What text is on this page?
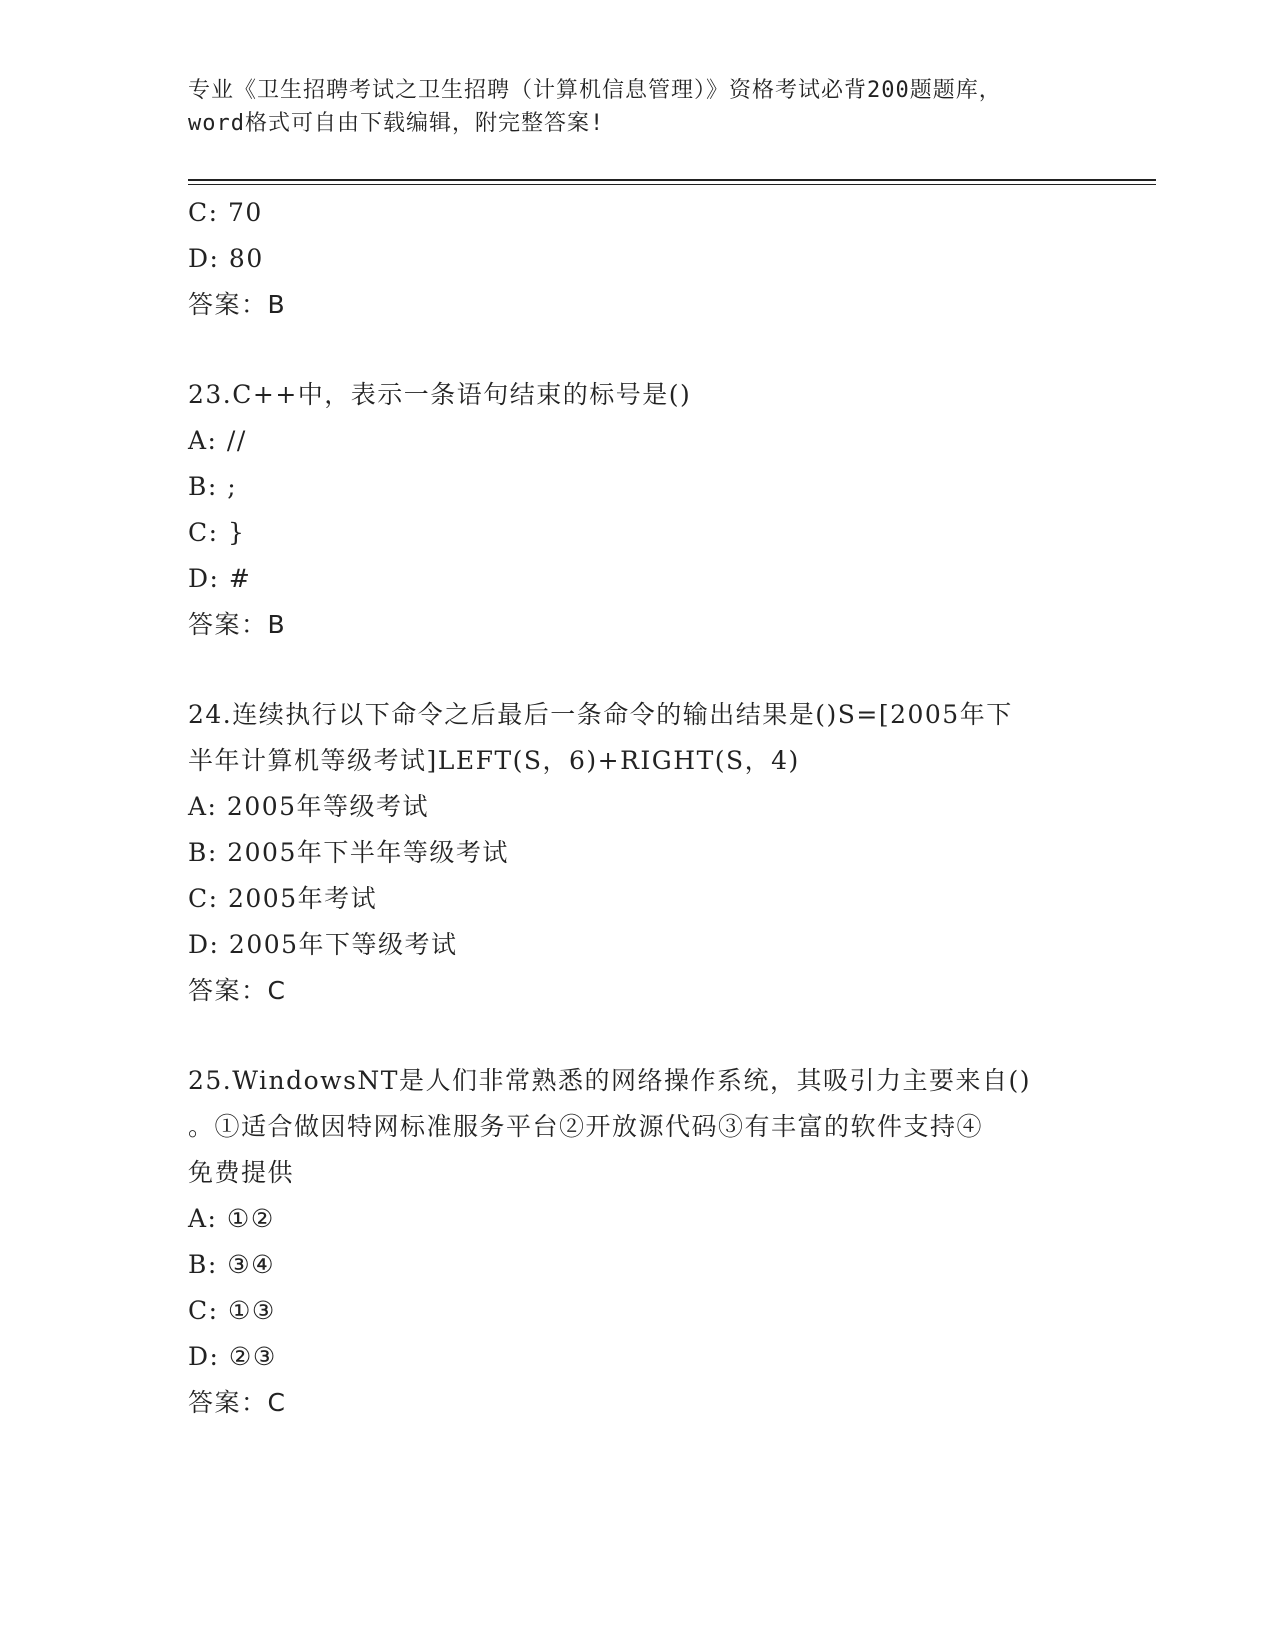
专业《卫生招聘考试之卫生招聘（计算机信息管理）》资格考试必背200题题库，
word格式可自由下载编辑，附完整答案!
C: 70
D: 80
答案：B
23.C++中，表示一条语句结束的标号是()
A: //
B: ;
C: }
D: #
答案：B
24.连续执行以下命令之后最后一条命令的输出结果是()S=[2005年下
半年计算机等级考试]LEFT(S，6)+RIGHT(S，4)
A: 2005年等级考试
B: 2005年下半年等级考试
C: 2005年考试
D: 2005年下等级考试
答案：C
25.WindowsNT是人们非常熟悉的网络操作系统，其吸引力主要来自()
。①适合做因特网标准服务平台②开放源代码③有丰富的软件支持④
免费提供
A: ①②
B: ③④
C: ①③
D: ②③
答案：C
